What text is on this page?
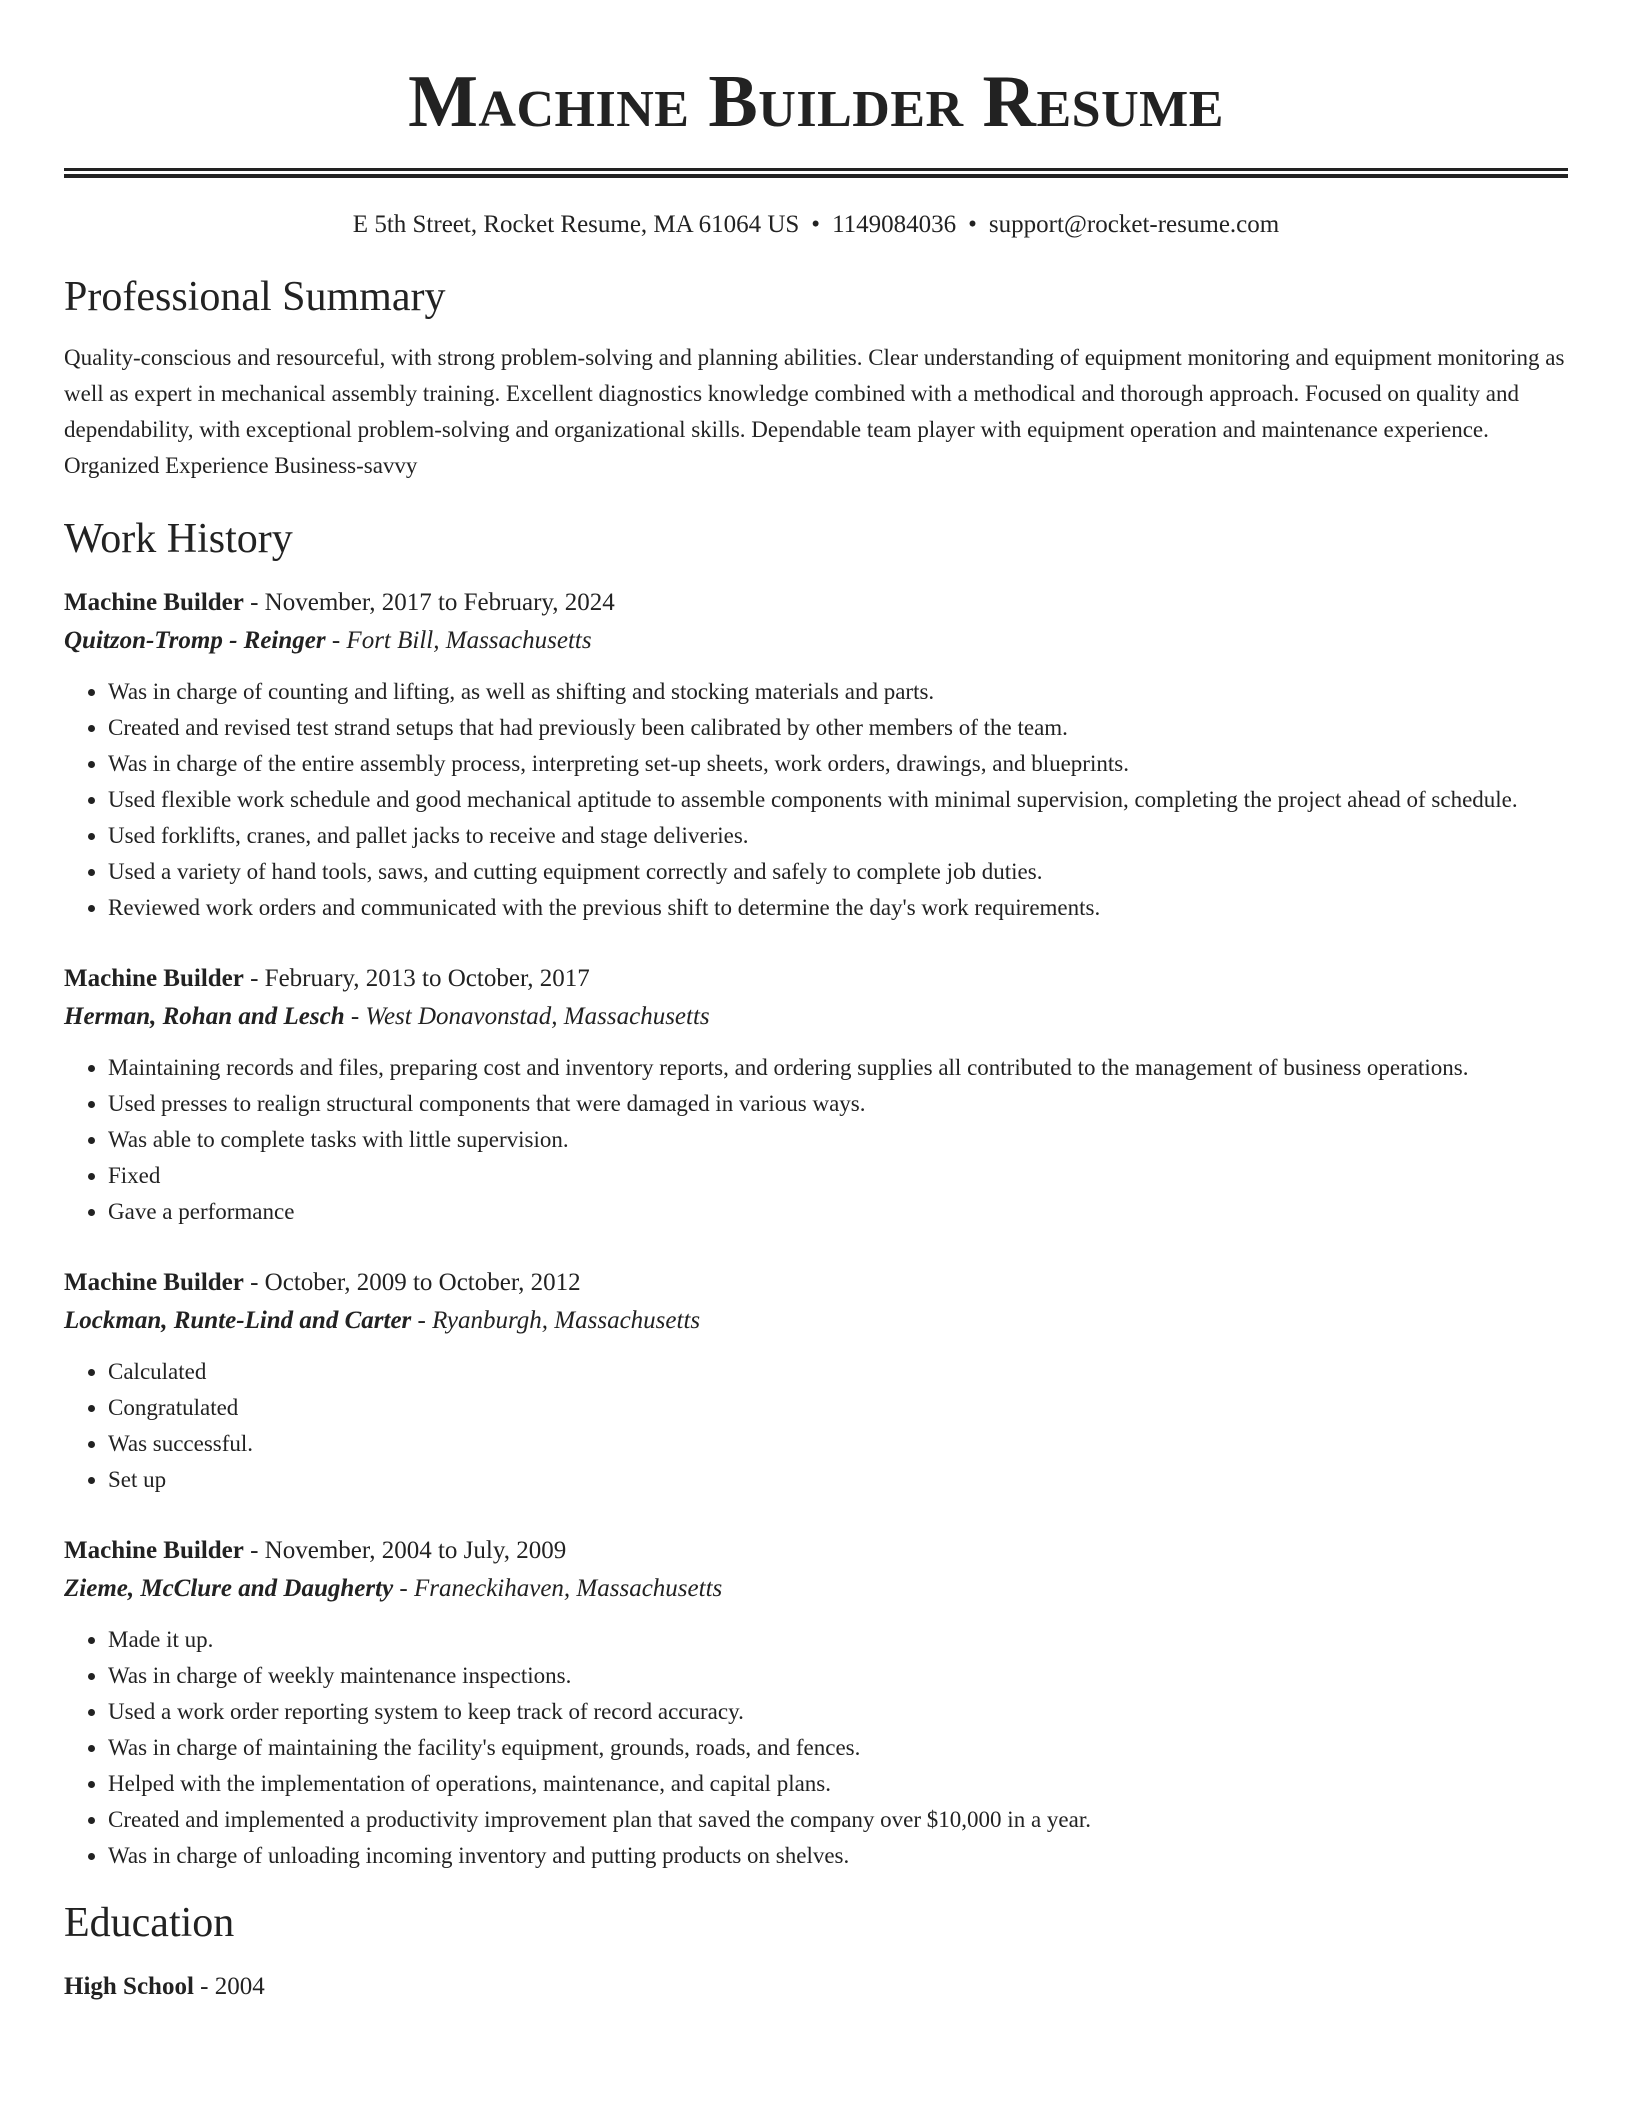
Machine Builder Resume
E 5th Street, Rocket Resume, MA 61064 US • 1149084036 • support@rocket-resume.com
Professional Summary

Quality-conscious and resourceful, with strong problem-solving and planning abilities. Clear understanding of equipment monitoring and equipment monitoring as well as expert in mechanical assembly training. Excellent diagnostics knowledge combined with a methodical and thorough approach. Focused on quality and dependability, with exceptional problem-solving and organizational skills. Dependable team player with equipment operation and maintenance experience. Organized Experience Business-savvy

Work History
Machine Builder - November, 2017 to February, 2024
Quitzon-Tromp - Reinger - Fort Bill, Massachusetts
• Was in charge of counting and lifting, as well as shifting and stocking materials and parts.
• Created and revised test strand setups that had previously been calibrated by other members of the team.
• Was in charge of the entire assembly process, interpreting set-up sheets, work orders, drawings, and blueprints.
• Used flexible work schedule and good mechanical aptitude to assemble components with minimal supervision, completing the project ahead of schedule.
• Used forklifts, cranes, and pallet jacks to receive and stage deliveries.
• Used a variety of hand tools, saws, and cutting equipment correctly and safely to complete job duties.
• Reviewed work orders and communicated with the previous shift to determine the day's work requirements.
Machine Builder - February, 2013 to October, 2017
Herman, Rohan and Lesch - West Donavonstad, Massachusetts
• Maintaining records and files, preparing cost and inventory reports, and ordering supplies all contributed to the management of business operations.
• Used presses to realign structural components that were damaged in various ways.
• Was able to complete tasks with little supervision.
• Fixed
• Gave a performance
Machine Builder - October, 2009 to October, 2012
Lockman, Runte-Lind and Carter - Ryanburgh, Massachusetts
• Calculated
• Congratulated
• Was successful.
• Set up
Machine Builder - November, 2004 to July, 2009
Zieme, McClure and Daugherty - Franeckihaven, Massachusetts
• Made it up.
• Was in charge of weekly maintenance inspections.
• Used a work order reporting system to keep track of record accuracy.
• Was in charge of maintaining the facility's equipment, grounds, roads, and fences.
• Helped with the implementation of operations, maintenance, and capital plans.
• Created and implemented a productivity improvement plan that saved the company over $10,000 in a year.
• Was in charge of unloading incoming inventory and putting products on shelves.
Education
High School - 2004
